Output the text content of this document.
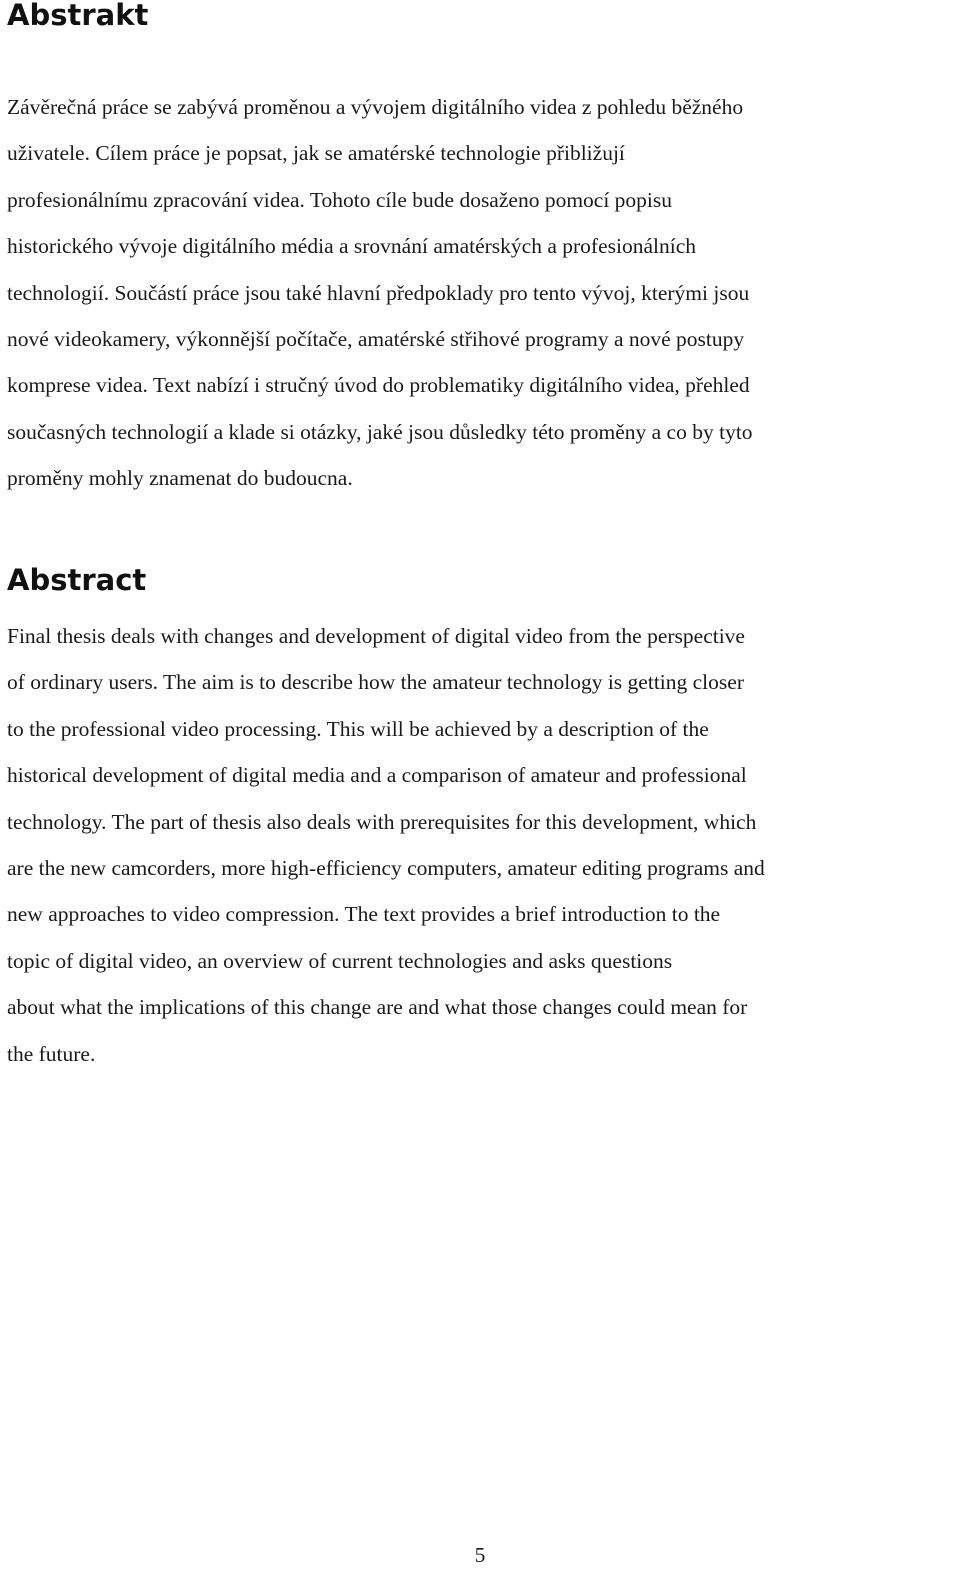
Abstrakt

Závěrečná práce se zabývá proměnou a vývojem digitálního videa z pohledu běžného
uživatele. Cílem práce je popsat, jak se amatérské technologie přibližují
profesionálnímu zpracování videa. Tohoto cíle bude dosaženo pomocí popisu
historického vývoje digitálního média a srovnání amatérských a profesionálních
technologií. Součástí práce jsou také hlavní předpoklady pro tento vývoj, kterými jsou
nové videokamery, výkonnější počítače, amatérské střihové programy a nové postupy
komprese videa. Text nabízí i stručný úvod do problematiky digitálního videa, přehled
současných technologií a klade si otázky, jaké jsou důsledky této proměny a co by tyto
proměny mohly znamenat do budoucna.

Abstract

Final thesis deals with changes and development of digital video from the perspective
of ordinary users. The aim is to describe how the amateur technology is getting closer
to the professional video processing. This will be achieved by a description of the
historical development of digital media and a comparison of amateur and professional
technology. The part of thesis also deals with prerequisites for this development, which
are the new camcorders, more high-efficiency computers, amateur editing programs and
new approaches to video compression. The text provides a brief introduction to the
topic of digital video, an overview of current technologies and asks questions
about what the implications of this change are and what those changes could mean for
the future.

5
